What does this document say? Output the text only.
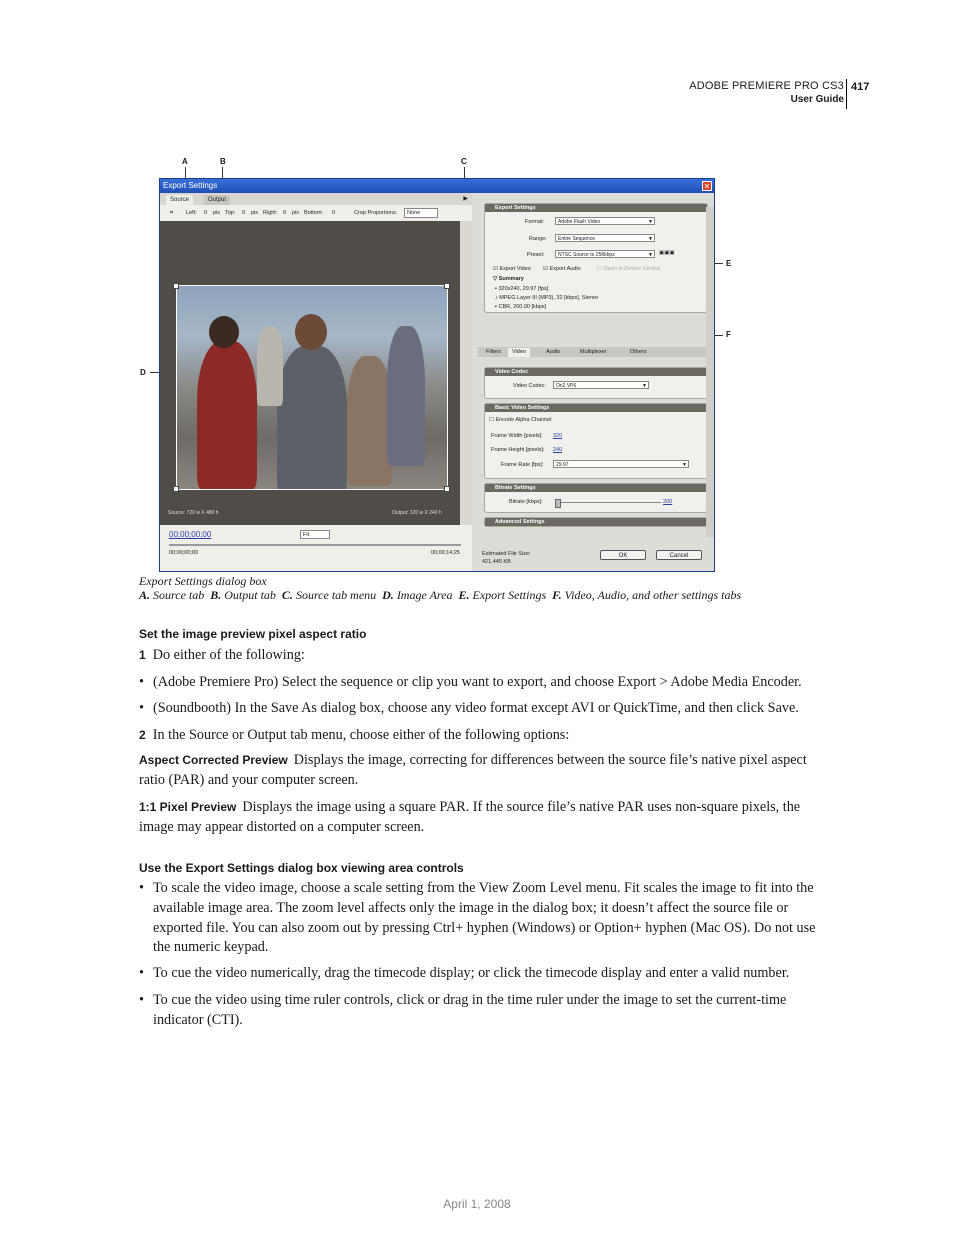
ADOBE PREMIERE PRO CS3
User Guide
417
A	B	C
D
E
F
Export Settings	✕
Source	Output	▶
⌗ Left: 0 pix Top: 0 pix Right: 0 pix Bottom: 0	Crop Proportions:	None
Source: 720 w X 480 h	Output: 320 w X 240 h
00;00;00;00	Fit
00;00;00;00	00;00;14;25
Export Settings
Format:	Adobe Flash Video ▼
Range:	Entire Sequence ▼
Preset:	NTSC Source to 256kbps ▼	▣▣▣
☑ Export Video ☑ Export Audio	☐ Open in Device Central
▽ Summary
▪ 320x240, 29.97 [fps]
♪ MPEG Layer III (MP3), 32 [kbps], Stereo
▪ CBR, 200.00 [kbps]
Filters	Video	Audio	Multiplexer	Others
Video Codec
Video Codec:	On2 VP6 ▼
Basic Video Settings
☐ Encode Alpha Channel
Frame Width [pixels]: 320
Frame Height [pixels]: 240
Frame Rate [fps]:	29.97 ▼
Bitrate Settings
Bitrate [kbps]:	200
Advanced Settings
Estimated File Size:
421,445 KB
OK	Cancel
Export Settings dialog box
A. Source tab B. Output tab C. Source tab menu D. Image Area E. Export Settings F. Video, Audio, and other settings tabs
Set the image preview pixel aspect ratio
1 Do either of the following:
• (Adobe Premiere Pro) Select the sequence or clip you want to export, and choose Export > Adobe Media Encoder.
• (Soundbooth) In the Save As dialog box, choose any video format except AVI or QuickTime, and then click Save.
2 In the Source or Output tab menu, choose either of the following options:
Aspect Corrected Preview Displays the image, correcting for differences between the source file’s native pixel aspect ratio (PAR) and your computer screen.
1:1 Pixel Preview Displays the image using a square PAR. If the source file’s native PAR uses non-square pixels, the image may appear distorted on a computer screen.
Use the Export Settings dialog box viewing area controls
• To scale the video image, choose a scale setting from the View Zoom Level menu. Fit scales the image to fit into the available image area. The zoom level affects only the image in the dialog box; it doesn’t affect the source file or exported file. You can also zoom out by pressing Ctrl+ hyphen (Windows) or Option+ hyphen (Mac OS). Do not use the numeric keypad.
• To cue the video numerically, drag the timecode display; or click the timecode display and enter a valid number.
• To cue the video using time ruler controls, click or drag in the time ruler under the image to set the current-time indicator (CTI).
April 1, 2008
